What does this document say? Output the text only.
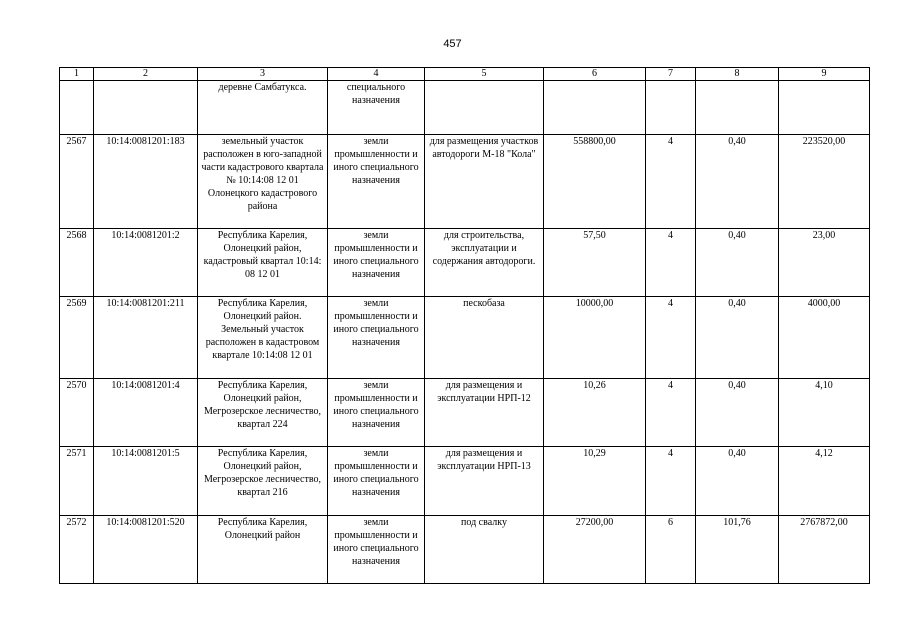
457
1	2	3	4	5	6	7	8	9
		деревне Самбатукса.	специального назначения					
2567	10:14:0081201:183	земельный участок расположен в юго-западной части кадастрового квартала № 10:14:08 12 01 Олонецкого кадастрового района	земли промышленности и иного специального назначения	для размещения участков автодороги М-18 "Кола"	558800,00	4	0,40	223520,00
2568	10:14:0081201:2	Республика Карелия, Олонецкий район, кадастровый квартал 10:14: 08 12 01	земли промышленности и иного специального назначения	для строительства, эксплуатации и содержания автодороги.	57,50	4	0,40	23,00
2569	10:14:0081201:211	Республика Карелия, Олонецкий район. Земельный участок расположен в кадастровом квартале 10:14:08 12 01	земли промышленности и иного специального назначения	пескобаза	10000,00	4	0,40	4000,00
2570	10:14:0081201:4	Республика Карелия, Олонецкий район, Мегрозерское лесничество, квартал 224	земли промышленности и иного специального назначения	для размещения и эксплуатации НРП-12	10,26	4	0,40	4,10
2571	10:14:0081201:5	Республика Карелия, Олонецкий район, Мегрозерское лесничество, квартал 216	земли промышленности и иного специального назначения	для размещения и эксплуатации НРП-13	10,29	4	0,40	4,12
2572	10:14:0081201:520	Республика Карелия, Олонецкий район	земли промышленности и иного специального назначения	под свалку	27200,00	6	101,76	2767872,00
